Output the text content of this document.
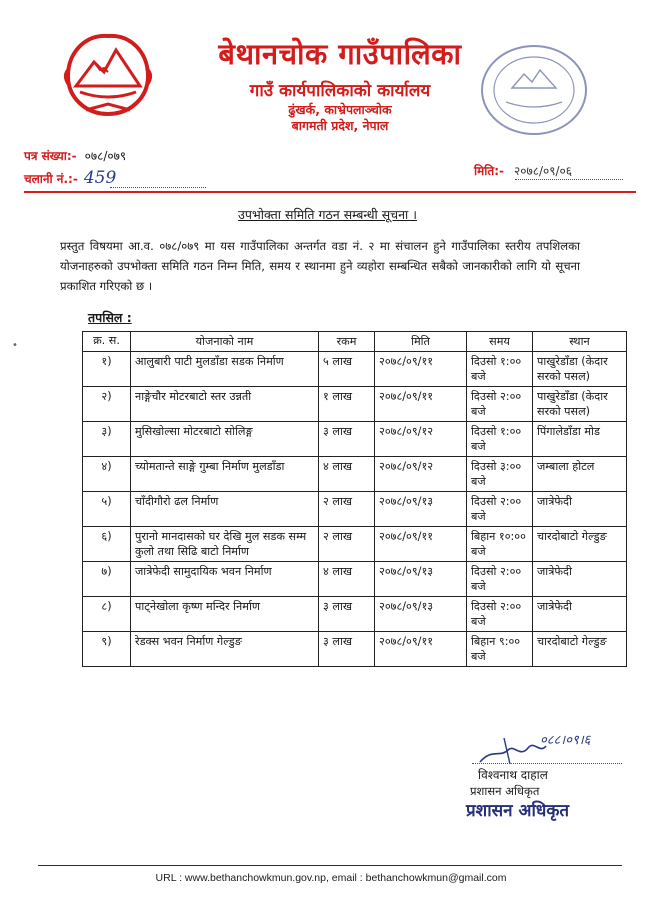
बेथानचोक गाउँपालिका
गाउँ कार्यपालिकाको कार्यालय
ढुंखर्क, काभ्रेपलाञ्चोक
बागमती प्रदेश, नेपाल
पत्र संख्या:- ०७८/०७९
चलानी नं.:- 459	मिति:- २०७८/०९/०६
उपभोक्ता समिति गठन सम्बन्धी सूचना ।
प्रस्तुत विषयमा आ.व. ०७८/०७९ मा यस गाउँपालिका अन्तर्गत वडा नं. २ मा संचालन हुने गाउँपालिका स्तरीय तपशिलका योजनाहरुको उपभोक्ता समिति गठन निम्न मिति, समय र स्थानमा हुने व्यहोरा सम्बन्धित सबैको जानकारीको लागि यो सूचना प्रकाशित गरिएको छ ।
तपसिल :
•	क्र. स.	योजनाको नाम	रकम	मिति	समय	स्थान
१)	आलुबारी पाटी मुलडाँडा सडक निर्माण	५ लाख	२०७८/०९/११	दिउसो १:०० बजे	पाखुरेडाँडा (केदार सरको पसल)
२)	नाङ्गेचौर मोटरबाटो स्तर उन्नती	१ लाख	२०७८/०९/११	दिउसो २:०० बजे	पाखुरेडाँडा (केदार सरको पसल)
३)	मुसिखोल्सा मोटरबाटो सोलिङ्ग	३ लाख	२०७८/०९/१२	दिउसो १:०० बजे	पिंगालेडाँडा मोड
४)	च्योमतान्ते साङ्गे गुम्बा निर्माण मुलडाँडा	४ लाख	२०७८/०९/१२	दिउसो ३:०० बजे	जम्बाला होटल
५)	चाँदीगौरो ढल निर्माण	२ लाख	२०७८/०९/१३	दिउसो २:०० बजे	जात्रेफेदी
६)	पुरानो मानदासको घर देखि मुल सडक सम्म कुलो तथा सिढि बाटो निर्माण	२ लाख	२०७८/०९/११	बिहान १०:०० बजे	चारदोबाटो गेल्डुङ
७)	जात्रेफेदी सामुदायिक भवन निर्माण	४ लाख	२०७८/०९/१३	दिउसो २:०० बजे	जात्रेफेदी
८)	पाट्नेखोला कृष्ण मन्दिर निर्माण	३ लाख	२०७८/०९/१३	दिउसो २:०० बजे	जात्रेफेदी
९)	रेडक्स भवन निर्माण गेल्डुङ	३ लाख	२०७८/०९/११	बिहान ९:०० बजे	चारदोबाटो गेल्डुङ
०८८।०९।६
विश्वनाथ दाहाल
प्रशासन अधिकृत
प्रशासन अधिकृत
URL : www.bethanchowkmun.gov.np, email : bethanchowkmun@gmail.com
